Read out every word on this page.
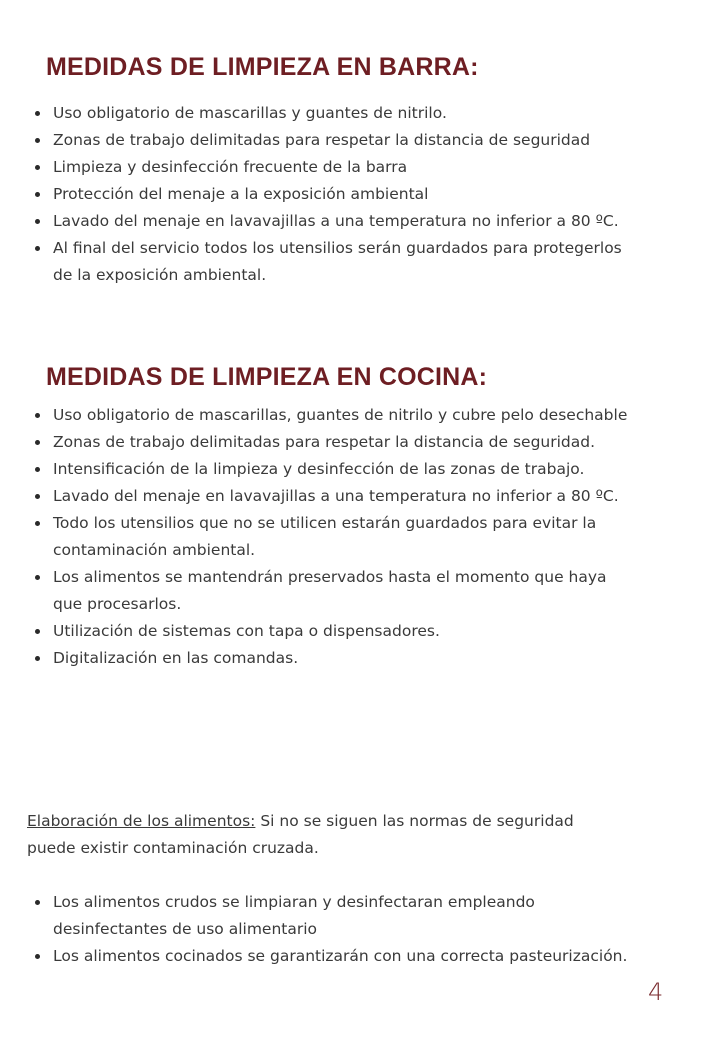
MEDIDAS DE LIMPIEZA EN BARRA:
Uso obligatorio de mascarillas y guantes de nitrilo.
Zonas de trabajo delimitadas para respetar la distancia de seguridad
Limpieza y desinfección frecuente de la barra
Protección del menaje a la exposición ambiental
Lavado del menaje en lavavajillas a una temperatura no inferior a 80 ºC.
Al final del servicio todos los utensilios serán guardados para protegerlos de la exposición ambiental.
MEDIDAS DE LIMPIEZA EN COCINA:
Uso obligatorio de mascarillas, guantes de nitrilo y cubre pelo desechable
Zonas de trabajo delimitadas para respetar la distancia de seguridad.
Intensificación de la limpieza y desinfección de las zonas de trabajo.
Lavado del menaje en lavavajillas a una temperatura no inferior a 80 ºC.
Todo los utensilios que no se utilicen estarán guardados para evitar la contaminación ambiental.
Los alimentos se mantendrán preservados hasta el momento que haya que procesarlos.
Utilización de sistemas con tapa o dispensadores.
Digitalización en las comandas.

Elaboración de los alimentos: Si no se siguen las normas de seguridad puede existir contaminación cruzada.

Los alimentos crudos se limpiaran y desinfectaran empleando desinfectantes de uso alimentario
Los alimentos cocinados se garantizarán con una correcta pasteurización.
4
